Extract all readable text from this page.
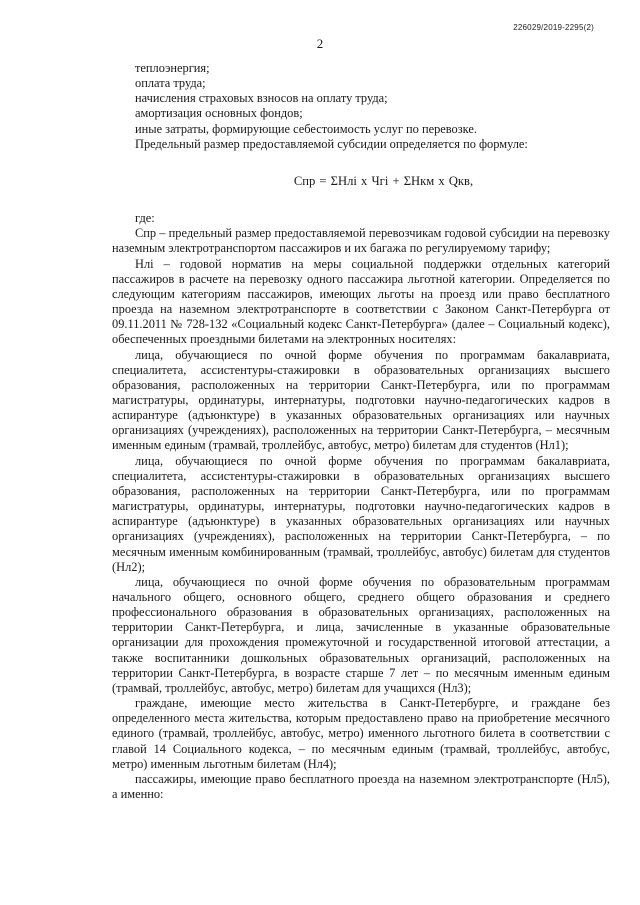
226029/2019-2295(2)
2

теплоэнергия;

оплата труда;

начисления страховых взносов на оплату труда;

амортизация основных фондов;

иные затраты, формирующие себестоимость услуг по перевозке.

Предельный размер предоставляемой субсидии определяется по формуле:

Спр = ΣНлi х Чгi + ΣНкм х Qкв,

где:

Спр – предельный размер предоставляемой перевозчикам годовой субсидии на перевозку наземным электротранспортом пассажиров и их багажа по регулируемому тарифу;

Нлi – годовой норматив на меры социальной поддержки отдельных категорий пассажиров в расчете на перевозку одного пассажира льготной категории. Определяется по следующим категориям пассажиров, имеющих льготы на проезд или право бесплатного проезда на наземном электротранспорте в соответствии с Законом Санкт-Петербурга от 09.11.2011 № 728-132 «Социальный кодекс Санкт-Петербурга» (далее – Социальный кодекс), обеспеченных проездными билетами на электронных носителях:

лица, обучающиеся по очной форме обучения по программам бакалавриата, специалитета, ассистентуры-стажировки в образовательных организациях высшего образования, расположенных на территории Санкт-Петербурга, или по программам магистратуры, ординатуры, интернатуры, подготовки научно-педагогических кадров в аспирантуре (адъюнктуре) в указанных образовательных организациях или научных организациях (учреждениях), расположенных на территории Санкт-Петербурга, – месячным именным единым (трамвай, троллейбус, автобус, метро) билетам для студентов (Нл1);

лица, обучающиеся по очной форме обучения по программам бакалавриата, специалитета, ассистентуры-стажировки в образовательных организациях высшего образования, расположенных на территории Санкт-Петербурга, или по программам магистратуры, ординатуры, интернатуры, подготовки научно-педагогических кадров в аспирантуре (адъюнктуре) в указанных образовательных организациях или научных организациях (учреждениях), расположенных на территории Санкт-Петербурга, – по месячным именным комбинированным (трамвай, троллейбус, автобус) билетам для студентов (Нл2);

лица, обучающиеся по очной форме обучения по образовательным программам начального общего, основного общего, среднего общего образования и среднего профессионального образования в образовательных организациях, расположенных на территории Санкт-Петербурга, и лица, зачисленные в указанные образовательные организации для прохождения промежуточной и государственной итоговой аттестации, а также воспитанники дошкольных образовательных организаций, расположенных на территории Санкт-Петербурга, в возрасте старше 7 лет – по месячным именным единым (трамвай, троллейбус, автобус, метро) билетам для учащихся (Нл3);

граждане, имеющие место жительства в Санкт-Петербурге, и граждане без определенного места жительства, которым предоставлено право на приобретение месячного единого (трамвай, троллейбус, автобус, метро) именного льготного билета в соответствии с главой 14 Социального кодекса, – по месячным единым (трамвай, троллейбус, автобус, метро) именным льготным билетам (Нл4);

пассажиры, имеющие право бесплатного проезда на наземном электротранспорте (Нл5), а именно:
